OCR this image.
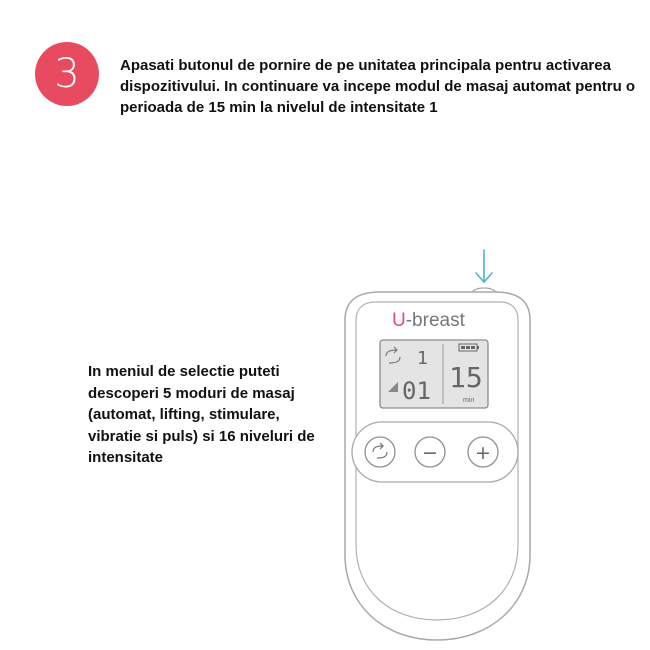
3	Apasati butonul de pornire de pe unitatea principala pentru activarea dispozitivului. In continuare va incepe modul de masaj automat pentru o perioada de 15 min la nivelul de intensitate 1
In meniul de selectie puteti descoperi 5 moduri de masaj (automat, lifting, stimulare, vibratie si puls) si 16 niveluri de intensitate
U-breast
1
01 15
min
− +
